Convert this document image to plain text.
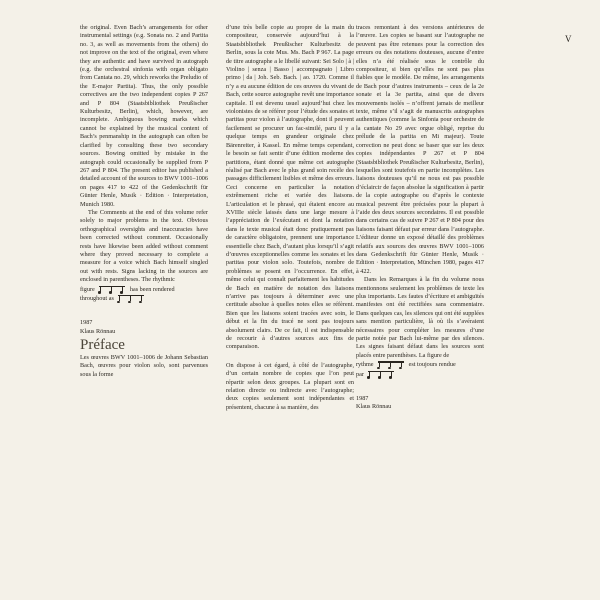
V

the original. Even Bach’s arrangements for other instrumental settings (e.g. Sonata no. 2 and Partita no. 3, as well as movements from the others) do not improve on the text of the original, even where they are authentic and have survived in autograph (e.g. the orchestral sinfonia with organ obligato from Cantata no. 29, which reworks the Preludio of the E-major Partita). Thus, the only possible correctives are the two independent copies P 267 and P 804 (Staatsbibliothek Preußischer Kulturbesitz, Berlin), which, however, are incomplete. Ambiguous bowing marks which cannot be explained by the musical content of Bach’s penmanship in the autograph can often be clarified by consulting these two secondary sources. Bowing omitted by mistake in the autograph could occasionally be supplied from P 267 and P 804. The present editor has published a detailed account of the sources to BWV 1001–1006 on pages 417 to 422 of the Gedenkschrift für Günter Henle, Musik · Edition · Interpretation, Munich 1980.

The Comments at the end of this volume refer solely to major problems in the text. Obvious orthographical oversights and inaccuracies have been corrected without comment. Occasionally rests have likewise been added without comment where they proved necessary to complete a measure for a voice which Bach himself singled out with rests. Signs lacking in the sources are enclosed in parentheses. The rhythmic

figure	has been rendered

throughout as

1987
Klaus Rönnau

Préface

Les œuvres BWV 1001–1006 de Johann Sebastian Bach, œuvres pour violon solo, sont parvenues sous la forme

d’une très belle copie au propre de la main du compositeur, conservée aujourd’hui à la Staatsbibliothek Preußischer Kulturbesitz de Berlin, sous la cote Mus. Ms. Bach P 967. La page de titre autographe a le libellé suivant: Sei Solo | à | Violino | senza | Basso | accompagnato | Libro primo | da | Joh. Seb. Bach. | ao. 1720. Comme il n’y a eu aucune édition de ces œuvres du vivant de Bach, cette source autographe revêt une importance capitale. Il est devenu usuel aujourd’hui chez les violonistes de se référer pour l’étude des sonates et partitas pour violon à l’autographe, dont il peuvent facilement se procurer un fac-similé, paru il y a quelque temps en grandeur originale chez Bärenreiter, à Kassel. En même temps cependant, le besoin se fait sentir d’une édition moderne des partitions, étant donné que même cet autographe réalisé par Bach avec le plus grand soin recèle des passages difficilement lisibles et même des erreurs. Ceci concerne en particulier la notation extrêmement riche et variée des liaisons. L’articulation et le phrasé, qui étaient encore au XVIIIe siècle laissés dans une large mesure à l’appréciation de l’exécutant et dont la notation dans le texte musical était donc pratiquement pas de caractère obligatoire, prennent une importance essentielle chez Bach, d’autant plus lorsqu’il s’agit d’œuvres exceptionnelles comme les sonates et les partitas pour violon solo. Toutefois, nombre de problèmes se posent en l’occurrence. En effet, même celui qui connaît parfaitement les habitudes de Bach en matière de notation des liaisons n’arrive pas toujours à déterminer avec une certitude absolue à quelles notes elles se réfèrent. Bien que les liaisons soient tracées avec soin, le début et la fin du tracé ne sont pas toujours absolument clairs. De ce fait, il est indispensable de recourir à d’autres sources aux fins de comparaison.

On dispose à cet égard, à côté de l’autographe, d’un certain nombre de copies que l’on peut répartir selon deux groupes. La plupart sont en relation directe ou indirecte avec l’autographe; deux copies seulement sont indépendantes et présentent, chacune à sa manière, des

traces remontant à des versions antérieures de l’œuvre. Les copies se basant sur l’autographe ne peuvent pas être retenues pour la correction des erreurs ou des notations douteuses, aucune d’entre elles n’a été réalisée sous le contrôle du compositeur, si bien qu’elles ne sont pas plus fiables que le modèle. De même, les arrangements de Bach pour d’autres instruments – ceux de la 2e sonate et la 3e partita, ainsi que de divers mouvements isolés – n’offrent jamais de meilleur texte, même s’il s’agit de manuscrits autographes authentiques (comme la Sinfonia pour orchestre de la cantate No 29 avec orgue obligé, reprise du prélude de la partita en Mi majeur). Toute correction ne peut donc se baser que sur les deux copies indépendantes P 267 et P 804 (Staatsbibliothek Preußischer Kulturbesitz, Berlin), lesquelles sont toutefois en partie incomplètes. Les liaisons douteuses qu’il ne nous est pas possible d’éclaircir de façon absolue la signification à partir de la copie autographe ou d’après le contexte musical peuvent être précisées pour la plupart à l’aide des deux sources secondaires. Il est possible dans certains cas de suivre P 267 et P 804 pour des liaisons faisant défaut par erreur dans l’autographe. L’éditeur donne un exposé détaillé des problèmes relatifs aux sources des œuvres BWV 1001–1006 dans Gedenkschrift für Günter Henle, Musik · Edition · Interpretation, München 1980, pages 417 à 422.

Dans les Remarques à la fin du volume nous mentionnons seulement les problèmes de texte les plus importants. Les fautes d’écriture et ambiguïtés manifestes ont été rectifiées sans commentaire. Dans quelques cas, les silences qui ont été supplées sans mention particulière, là où ils s’avéraient nécessaires pour compléter les mesures d’une partie notée par Bach lui-même par des silences. Les signes faisant défaut dans les sources sont placés entre parenthèses. La figure de

rythme	est toujours rendue

par

1987
Klaus Rönnau
